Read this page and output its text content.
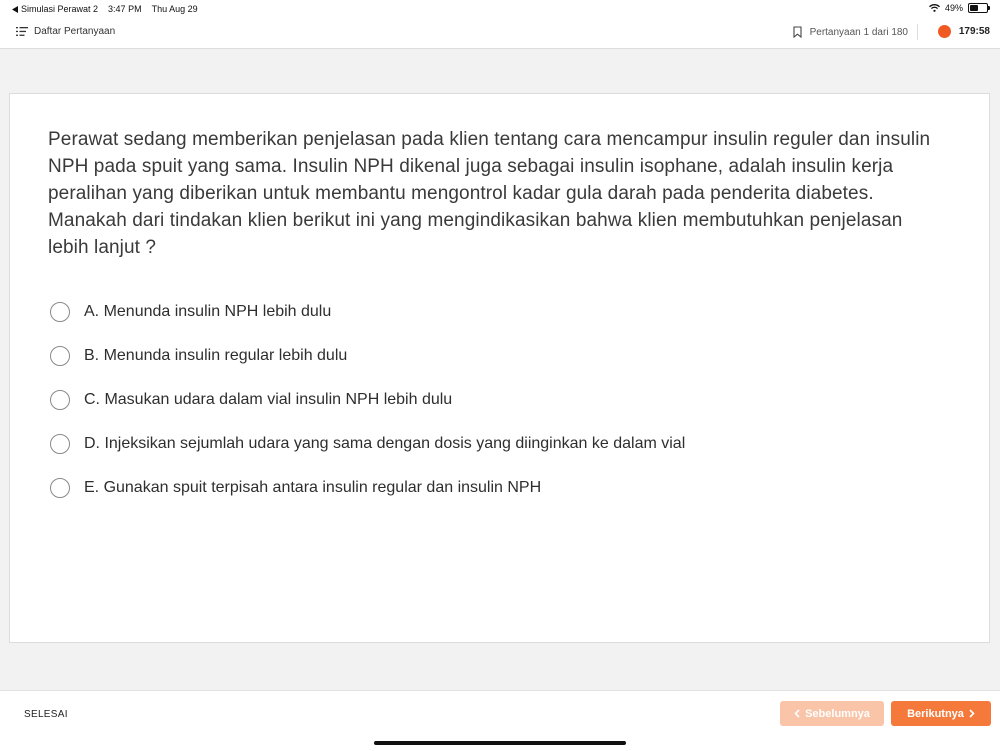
Simulasi Perawat 2 3:47 PM Thu Aug 29	49%
Daftar Pertanyaan	Pertanyaan 1 dari 180	179:58
Perawat sedang memberikan penjelasan pada klien tentang cara mencampur insulin reguler dan insulin NPH pada spuit yang sama. Insulin NPH dikenal juga sebagai insulin isophane, adalah insulin kerja peralihan yang diberikan untuk membantu mengontrol kadar gula darah pada penderita diabetes. Manakah dari tindakan klien berikut ini yang mengindikasikan bahwa klien membutuhkan penjelasan lebih lanjut ?
A. Menunda insulin NPH lebih dulu
B. Menunda insulin regular lebih dulu
C. Masukan udara dalam vial insulin NPH lebih dulu
D. Injeksikan sejumlah udara yang sama dengan dosis yang diinginkan ke dalam vial
E. Gunakan spuit terpisah antara insulin regular dan insulin NPH
SELESAI	Sebelumnya	Berikutnya
